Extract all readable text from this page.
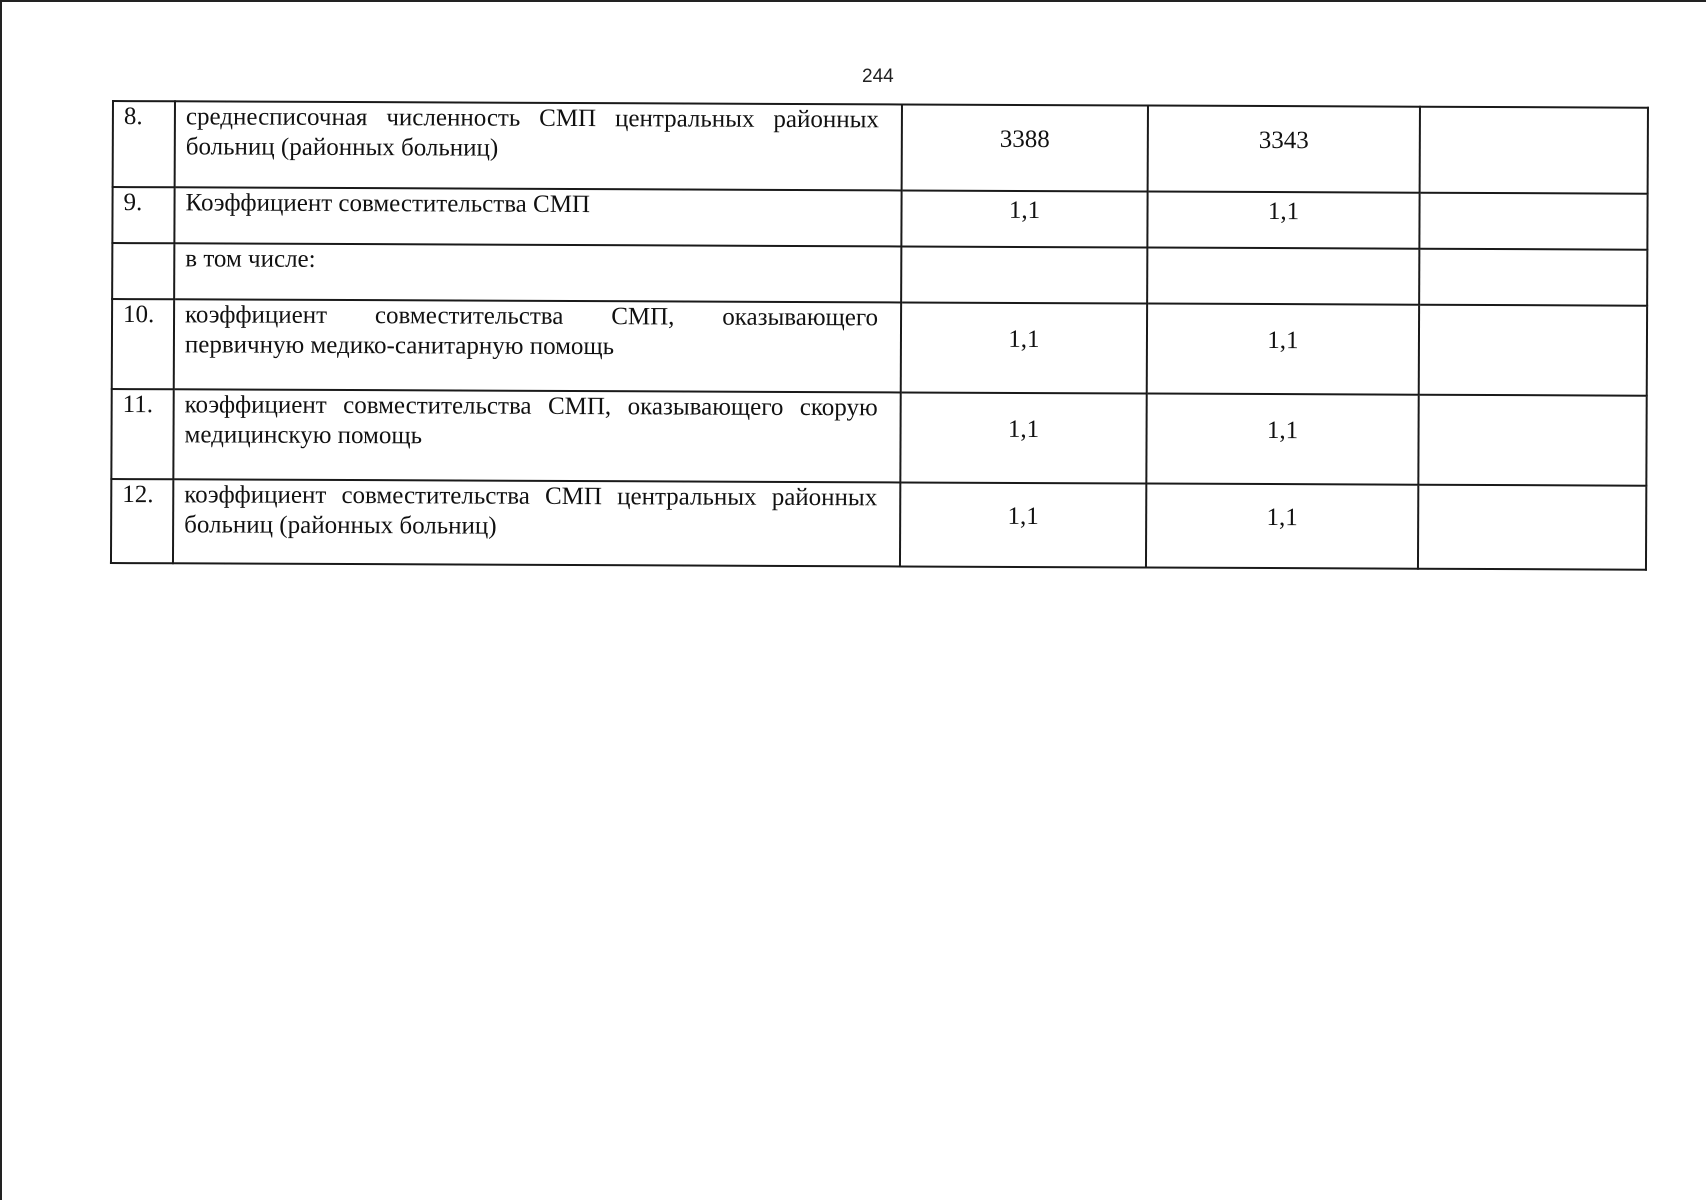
244
8.	среднесписочная численность СМП центральных районных больниц (районных больниц)	3388	3343	
9.	Коэффициент совместительства СМП	1,1	1,1	
	в том числе:			
10.	коэффициент совместительства СМП, оказывающего первичную медико-санитарную помощь	1,1	1,1	
11.	коэффициент совместительства СМП, оказывающего скорую медицинскую помощь	1,1	1,1	
12.	коэффициент совместительства СМП центральных районных больниц (районных больниц)	1,1	1,1	
